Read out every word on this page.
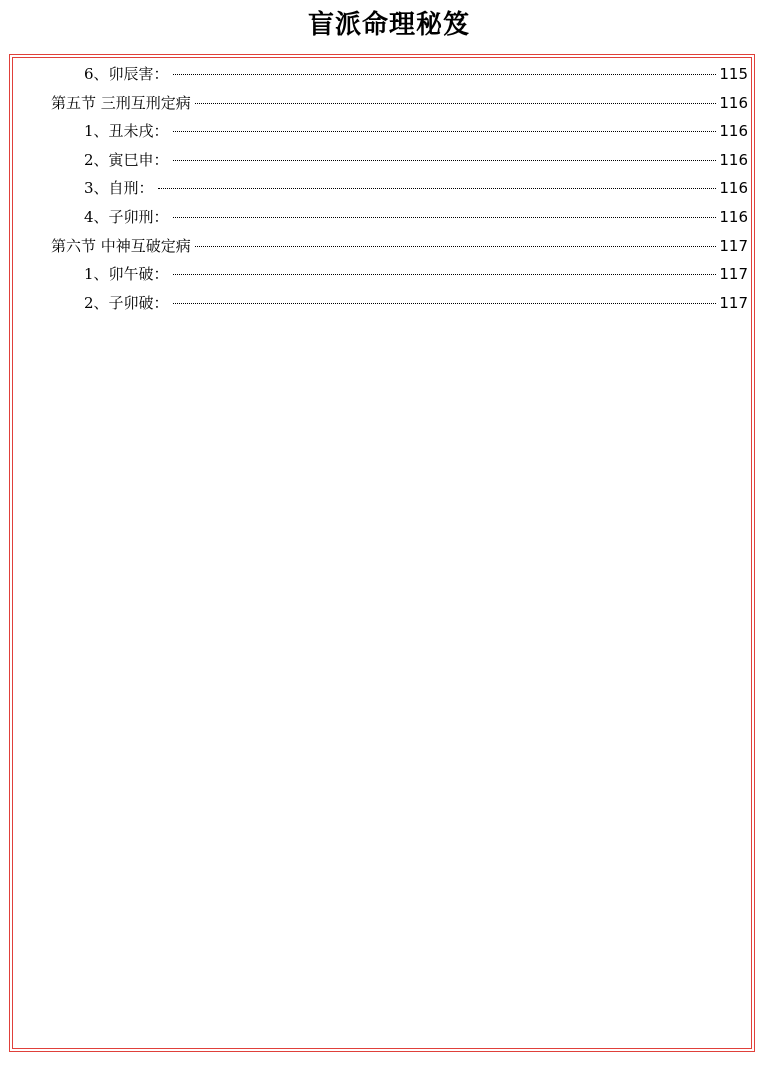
盲派命理秘笈
6、卯辰害：	115
第五节 三刑互刑定病	116
1、丑未戌：	116
2、寅巳申：	116
3、自刑：	116
4、子卯刑：	116
第六节 中神互破定病	117
1、卯午破：	117
2、子卯破：	117
